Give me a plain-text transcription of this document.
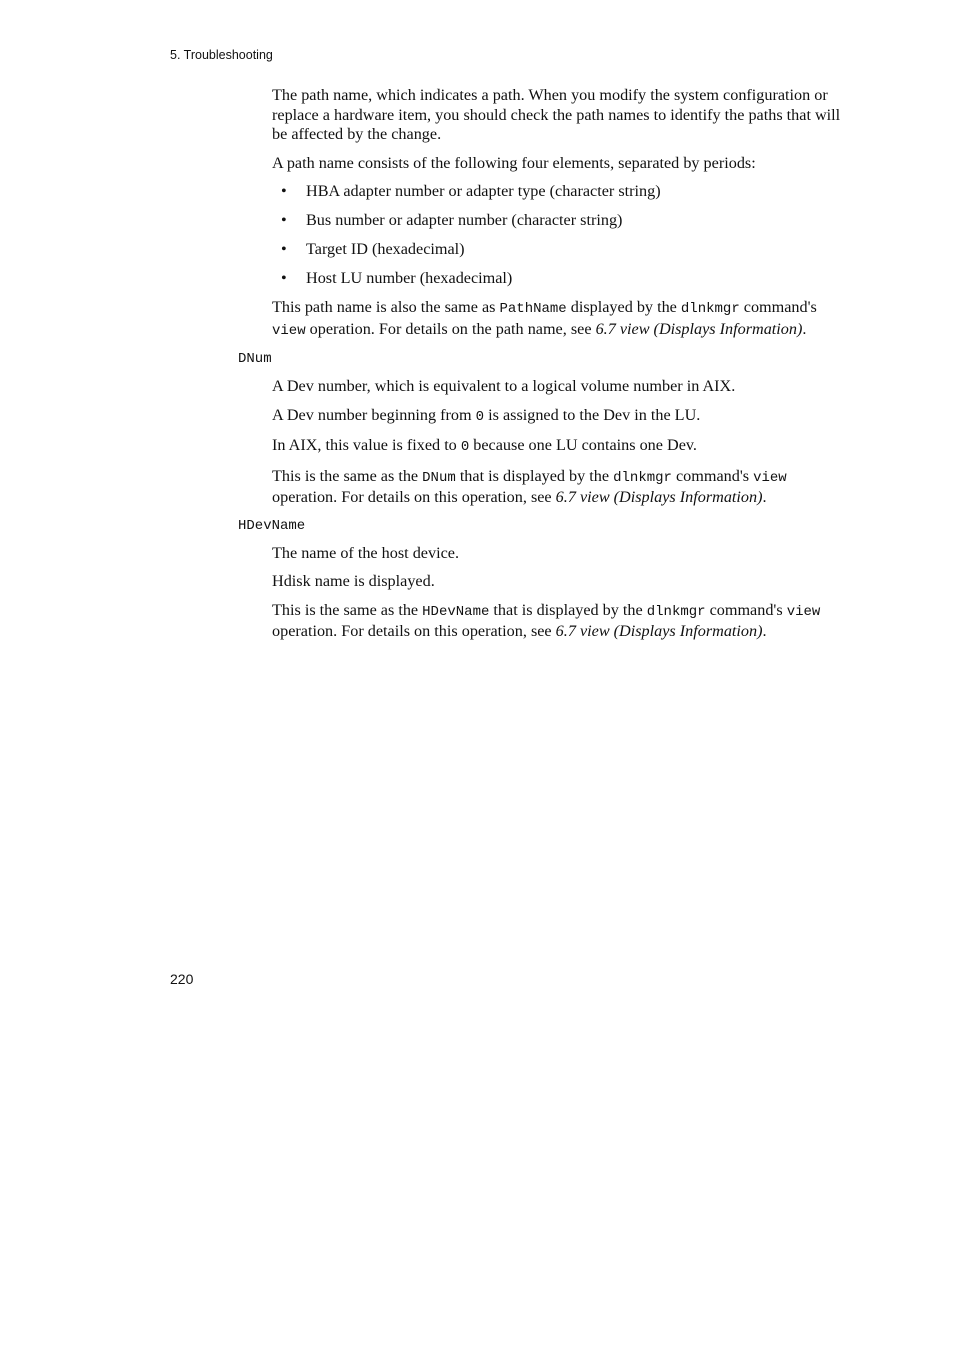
5. Troubleshooting

The path name, which indicates a path. When you modify the system configuration or replace a hardware item, you should check the path names to identify the paths that will be affected by the change.

A path name consists of the following four elements, separated by periods:

• HBA adapter number or adapter type (character string)
• Bus number or adapter number (character string)
• Target ID (hexadecimal)
• Host LU number (hexadecimal)

This path name is also the same as PathName displayed by the dlnkmgr command's view operation. For details on the path name, see 6.7 view (Displays Information).

DNum

A Dev number, which is equivalent to a logical volume number in AIX.

A Dev number beginning from 0 is assigned to the Dev in the LU.

In AIX, this value is fixed to 0 because one LU contains one Dev.

This is the same as the DNum that is displayed by the dlnkmgr command's view operation. For details on this operation, see 6.7 view (Displays Information).

HDevName

The name of the host device.

Hdisk name is displayed.

This is the same as the HDevName that is displayed by the dlnkmgr command's view operation. For details on this operation, see 6.7 view (Displays Information).

220
